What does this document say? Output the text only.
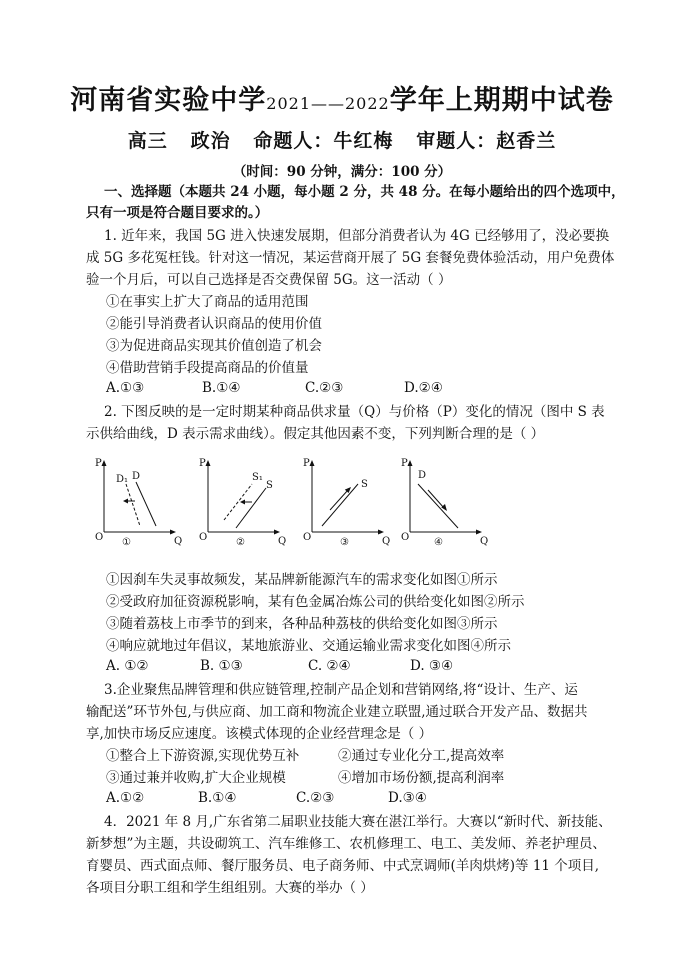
河南省实验中学2021——2022学年上期期中试卷
高三   政治   命题人：牛红梅   审题人：赵香兰
（时间：90 分钟，满分：100 分）
一、选择题（本题共 24 小题，每小题 2 分，共 48 分。在每小题给出的四个选项中，
只有一项是符合题目要求的。）
1. 近年来，我国 5G 进入快速发展期，但部分消费者认为 4G 已经够用了，没必要换
成 5G 多花冤枉钱。针对这一情况，某运营商开展了 5G 套餐免费体验活动，用户免费体
验一个月后，可以自己选择是否交费保留 5G。这一活动（ ）
①在事实上扩大了商品的适用范围
②能引导消费者认识商品的使用价值
③为促进商品实现其价值创造了机会
④借助营销手段提高商品的价值量
A.①③	B.①④	C.②③	D.②④
2. 下图反映的是一定时期某种商品供求量（Q）与价格（P）变化的情况（图中 S 表
示供给曲线，D 表示需求曲线）。假定其他因素不变，下列判断合理的是（ ）
P
Q
O
D₁ D
①
P
Q
O
S₁
S
②
P
Q
O
S
③
P
Q
O
D
④
①因刹车失灵事故频发，某品牌新能源汽车的需求变化如图①所示
②受政府加征资源税影响，某有色金属冶炼公司的供给变化如图②所示
③随着荔枝上市季节的到来，各种品种荔枝的供给变化如图③所示
④响应就地过年倡议，某地旅游业、交通运输业需求变化如图④所示
A. ①②	B. ①③	C. ②④	D. ③④
3.企业聚焦品牌管理和供应链管理,控制产品企划和营销网络,将“设计、生产、运
输配送”环节外包,与供应商、加工商和物流企业建立联盟,通过联合开发产品、数据共
享,加快市场反应速度。该模式体现的企业经营理念是（ ）
①整合上下游资源,实现优势互补	②通过专业化分工,提高效率
③通过兼并收购,扩大企业规模	④增加市场份额,提高利润率
A.①②	B.①④	C.②③	D.③④
4．2021 年 8 月,广东省第二届职业技能大赛在湛江举行。大赛以“新时代、新技能、
新梦想”为主题，共设砌筑工、汽车维修工、农机修理工、电工、美发师、养老护理员、
育婴员、西式面点师、餐厅服务员、电子商务师、中式烹调师(羊肉烘烤)等 11 个项目,
各项目分职工组和学生组组别。大赛的举办（ ）
